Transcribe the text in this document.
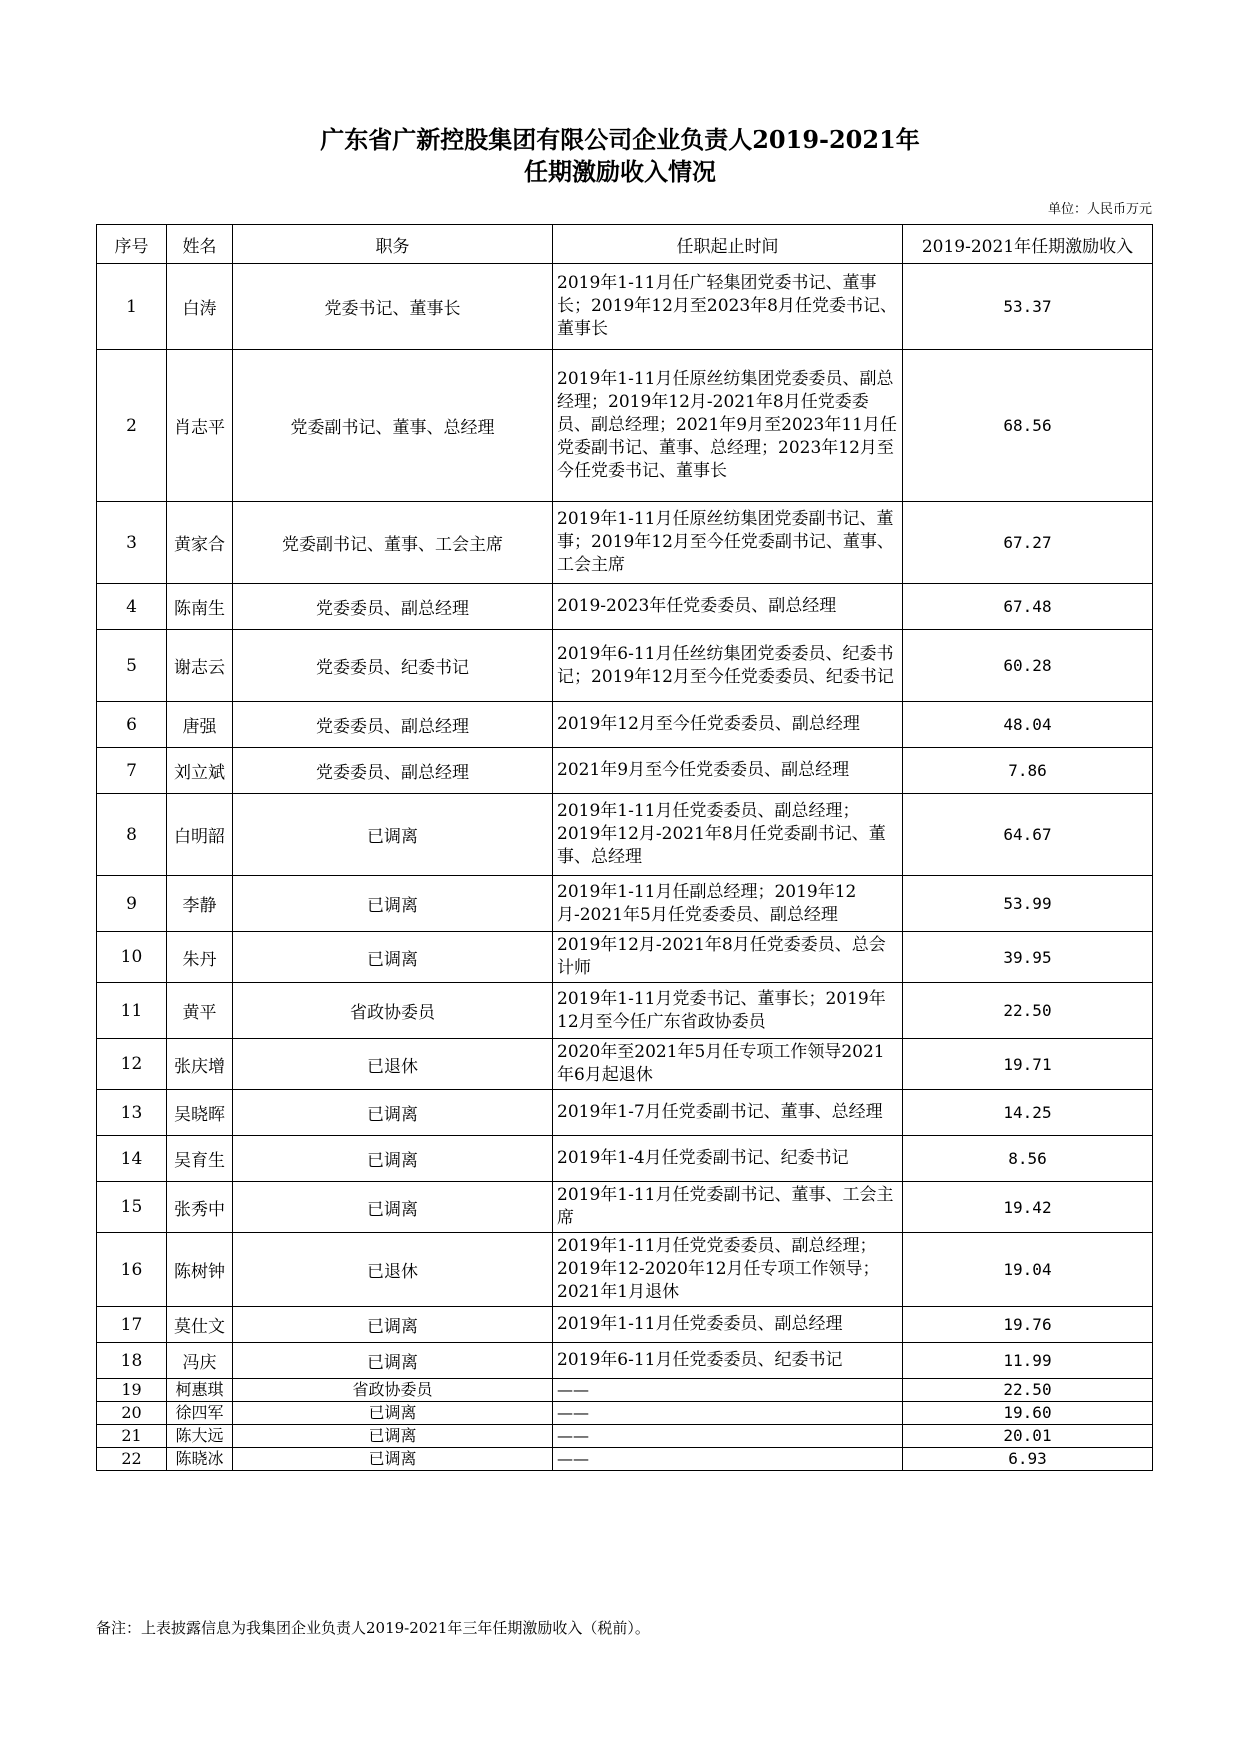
广东省广新控股集团有限公司企业负责人2019-2021年
任期激励收入情况
单位：人民币万元
序号	姓名	职务	任职起止时间	2019-2021年任期激励收入
1	白涛	党委书记、董事长	2019年1-11月任广轻集团党委书记、董事长；2019年12月至2023年8月任党委书记、董事长	53.37
2	肖志平	党委副书记、董事、总经理	2019年1-11月任原丝纺集团党委委员、副总经理；2019年12月-2021年8月任党委委员、副总经理；2021年9月至2023年11月任党委副书记、董事、总经理；2023年12月至今任党委书记、董事长	68.56
3	黄家合	党委副书记、董事、工会主席	2019年1-11月任原丝纺集团党委副书记、董事；2019年12月至今任党委副书记、董事、工会主席	67.27
4	陈南生	党委委员、副总经理	2019-2023年任党委委员、副总经理	67.48
5	谢志云	党委委员、纪委书记	2019年6-11月任丝纺集团党委委员、纪委书记；2019年12月至今任党委委员、纪委书记	60.28
6	唐强	党委委员、副总经理	2019年12月至今任党委委员、副总经理	48.04
7	刘立斌	党委委员、副总经理	2021年9月至今任党委委员、副总经理	7.86
8	白明韶	已调离	2019年1-11月任党委委员、副总经理；2019年12月-2021年8月任党委副书记、董事、总经理	64.67
9	李静	已调离	2019年1-11月任副总经理；2019年12月-2021年5月任党委委员、副总经理	53.99
10	朱丹	已调离	2019年12月-2021年8月任党委委员、总会计师	39.95
11	黄平	省政协委员	2019年1-11月党委书记、董事长；2019年12月至今任广东省政协委员	22.50
12	张庆增	已退休	2020年至2021年5月任专项工作领导2021年6月起退休	19.71
13	吴晓晖	已调离	2019年1-7月任党委副书记、董事、总经理	14.25
14	吴育生	已调离	2019年1-4月任党委副书记、纪委书记	8.56
15	张秀中	已调离	2019年1-11月任党委副书记、董事、工会主席	19.42
16	陈树钟	已退休	2019年1-11月任党党委委员、副总经理；2019年12-2020年12月任专项工作领导；2021年1月退休	19.04
17	莫仕文	已调离	2019年1-11月任党委委员、副总经理	19.76
18	冯庆	已调离	2019年6-11月任党委委员、纪委书记	11.99
19	柯惠琪	省政协委员	——	22.50
20	徐四军	已调离	——	19.60
21	陈大远	已调离	——	20.01
22	陈晓冰	已调离	——	6.93
备注：上表披露信息为我集团企业负责人2019-2021年三年任期激励收入（税前）。
